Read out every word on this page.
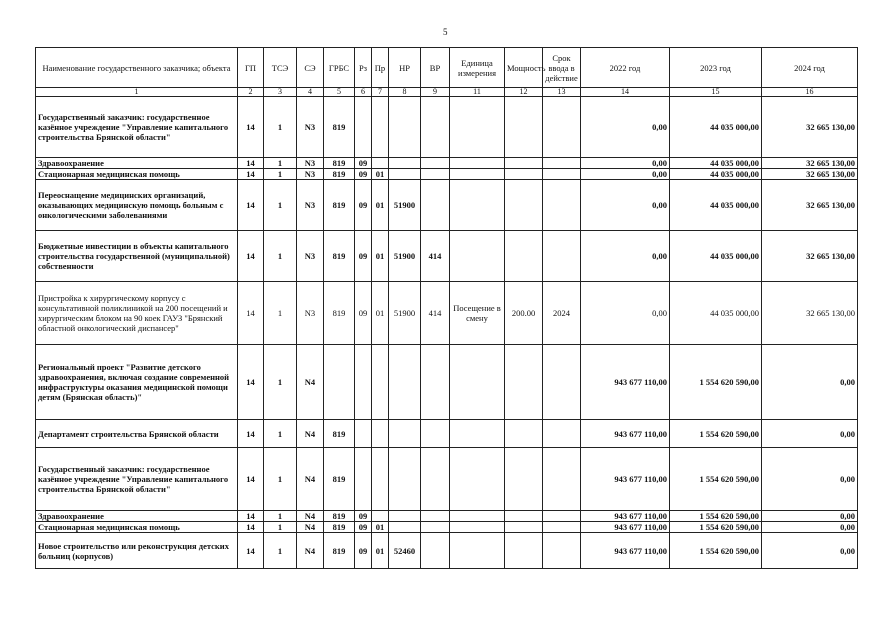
5
Наименование государственного заказчика; объекта	ГП	ТСЭ	СЭ	ГРБС	Рз	Пр	НР	ВР	Единица измерения	Мощность	Срок ввода в действие	2022 год	2023 год	2024 год
1	2	3	4	5	6	7	8	9	11	12	13	14	15	16
Государственный заказчик: государственное казённое учреждение "Управление капитального строительства Брянской области"	14	1	N3	819								0,00	44 035 000,00	32 665 130,00
Здравоохранение	14	1	N3	819	09							0,00	44 035 000,00	32 665 130,00
Стационарная медицинская помощь	14	1	N3	819	09	01						0,00	44 035 000,00	32 665 130,00
Переоснащение медицинских организаций, оказывающих медицинскую помощь больным с онкологическими заболеваниями	14	1	N3	819	09	01	51900					0,00	44 035 000,00	32 665 130,00
Бюджетные инвестиции в объекты капитального строительства государственной (муниципальной) собственности	14	1	N3	819	09	01	51900	414				0,00	44 035 000,00	32 665 130,00
Пристройка к хирургическому корпусу с консультативной поликлиникой на 200 посещений и хирургическим блоком на 90 коек ГАУЗ "Брянский областной онкологический диспансер"	14	1	N3	819	09	01	51900	414	Посещение в смену	200.00	2024	0,00	44 035 000,00	32 665 130,00
Региональный проект "Развитие детского здравоохранения, включая создание современной инфраструктуры оказания медицинской помощи детям (Брянская область)"	14	1	N4									943 677 110,00	1 554 620 590,00	0,00
Департамент строительства Брянской области	14	1	N4	819								943 677 110,00	1 554 620 590,00	0,00
Государственный заказчик: государственное казённое учреждение "Управление капитального строительства Брянской области"	14	1	N4	819								943 677 110,00	1 554 620 590,00	0,00
Здравоохранение	14	1	N4	819	09							943 677 110,00	1 554 620 590,00	0,00
Стационарная медицинская помощь	14	1	N4	819	09	01						943 677 110,00	1 554 620 590,00	0,00
Новое строительство или реконструкция детских больниц (корпусов)	14	1	N4	819	09	01	52460					943 677 110,00	1 554 620 590,00	0,00
